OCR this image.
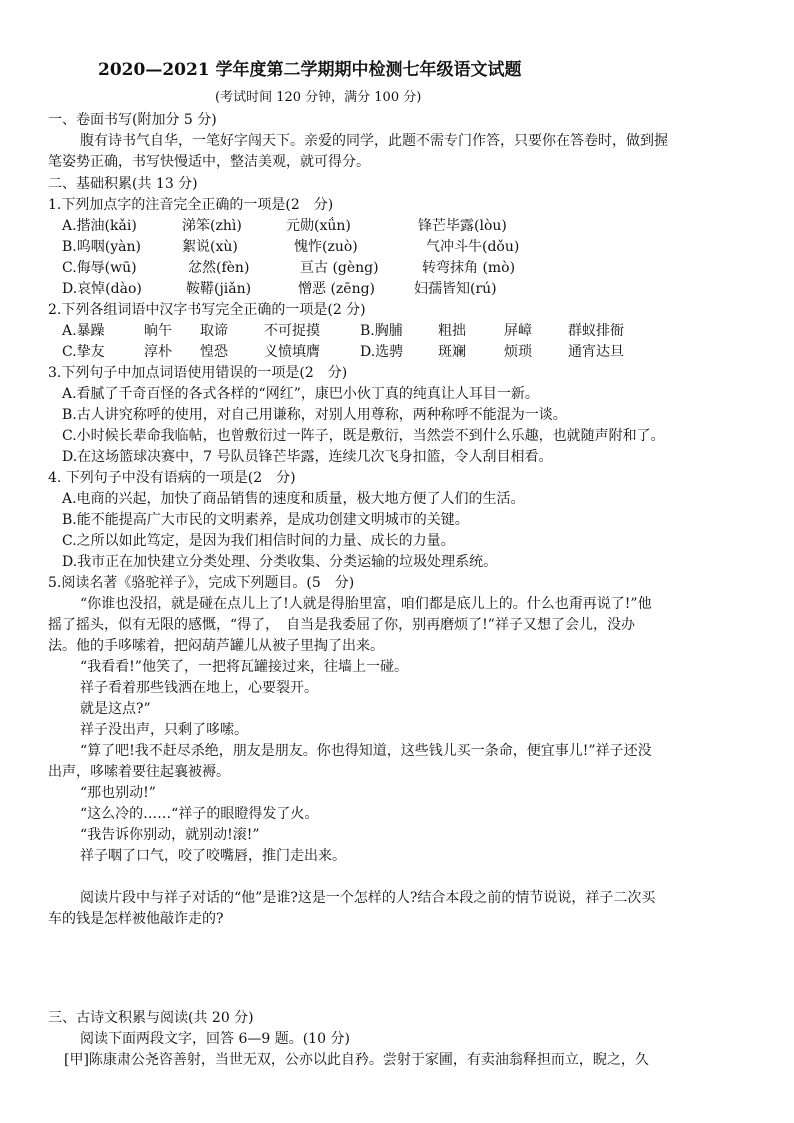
2020—2021 学年度第二学期期中检测七年级语文试题
(考试时间 120 分钟，满分 100 分)
一、卷面书写(附加分 5 分)
腹有诗书气自华，一笔好字闯天下。亲爱的同学，此题不需专门作答，只要你在答卷时，做到握
笔姿势正确，书写快慢适中，整洁美观，就可得分。
二、基础积累(共 13 分)
1.下列加点字的注音完全正确的一项是(2　分)
A.揩油(kǎi)	涕笨(zhì)	元勋(xǘn)	锋芒毕露(lòu)
B.呜咽(yàn)	絮说(xù)	愧怍(zuò)	气冲斗牛(dǒu)
C.侮辱(wū)	忿然(fèn)	亘古 (gèng)	转弯抹角 (mò)
D.哀悼(dào)	鞍鞯(jiǎn)	憎恶 (zēng)	妇孺皆知(rú)
2.下列各组词语中汉字书写完全正确的一项是(2 分)
A.暴躁	晌午 取谛	不可捉摸	B.胸脯	粗拙	屏嶂	群蚁排衙
C.挚友	淳朴 惶恐	义愤填膺	D.选骋 斑斓	烦琐	通宵达旦
3.下列句子中加点词语使用错误的一项是(2　分)
A.看腻了千奇百怪的各式各样的“网红”，康巴小伙丁真的纯真让人耳目一新。
B.古人讲究称呼的使用，对自己用谦称，对别人用尊称，两种称呼不能混为一谈。
C.小时候长辈命我临帖，也曾敷衍过一阵子，既是敷衍，当然尝不到什么乐趣，也就随声附和了。
D.在这场篮球决赛中，7 号队员锋芒毕露，连续几次飞身扣篮，令人刮目相看。
4. 下列句子中没有语病的一项是(2　分)
A.电商的兴起，加快了商品销售的速度和质量，极大地方便了人们的生活。
B.能不能提高广大市民的文明素养，是成功创建文明城市的关键。
C.之所以如此笃定，是因为我们相信时间的力量、成长的力量。
D.我市正在加快建立分类处理、分类收集、分类运输的垃圾处理系统。
5.阅读名著《骆驼祥子》，完成下列题目。(5　分)
“你谁也没招，就是碰在点儿上了!人就是得胎里富，咱们都是底儿上的。什么也甭再说了!”他
摇了摇头，似有无限的感慨，“得了，　自当是我委屈了你，别再磨烦了!”祥子又想了会儿，没办
法。他的手哆嗦着，把闷葫芦罐儿从被子里掏了出来。
“我看看!”他笑了，一把将瓦罐接过来，往墙上一碰。
祥子看着那些钱洒在地上，心要裂开。
就是这点?”
祥子没出声，只剩了哆嗦。
“算了吧!我不赶尽杀绝，朋友是朋友。你也得知道，这些钱儿买一条命，便宜事儿!”祥子还没
出声，哆嗦着要往起襄被褥。
“那也别动!”
“这么冷的……“祥子的眼瞪得发了火。
“我告诉你别动，就别动!滚!”
祥子咽了口气，咬了咬嘴唇，推门走出来。
阅读片段中与祥子对话的“他”是谁?这是一个怎样的人?结合本段之前的情节说说，祥子二次买
车的钱是怎样被他敲诈走的?
三、古诗文积累与阅读(共 20 分)
阅读下面两段文字，回答 6—9 题。(10 分)
[甲]陈康肃公尧咨善射，当世无双，公亦以此自矜。尝射于家圃，有卖油翁释担而立，睨之，久
